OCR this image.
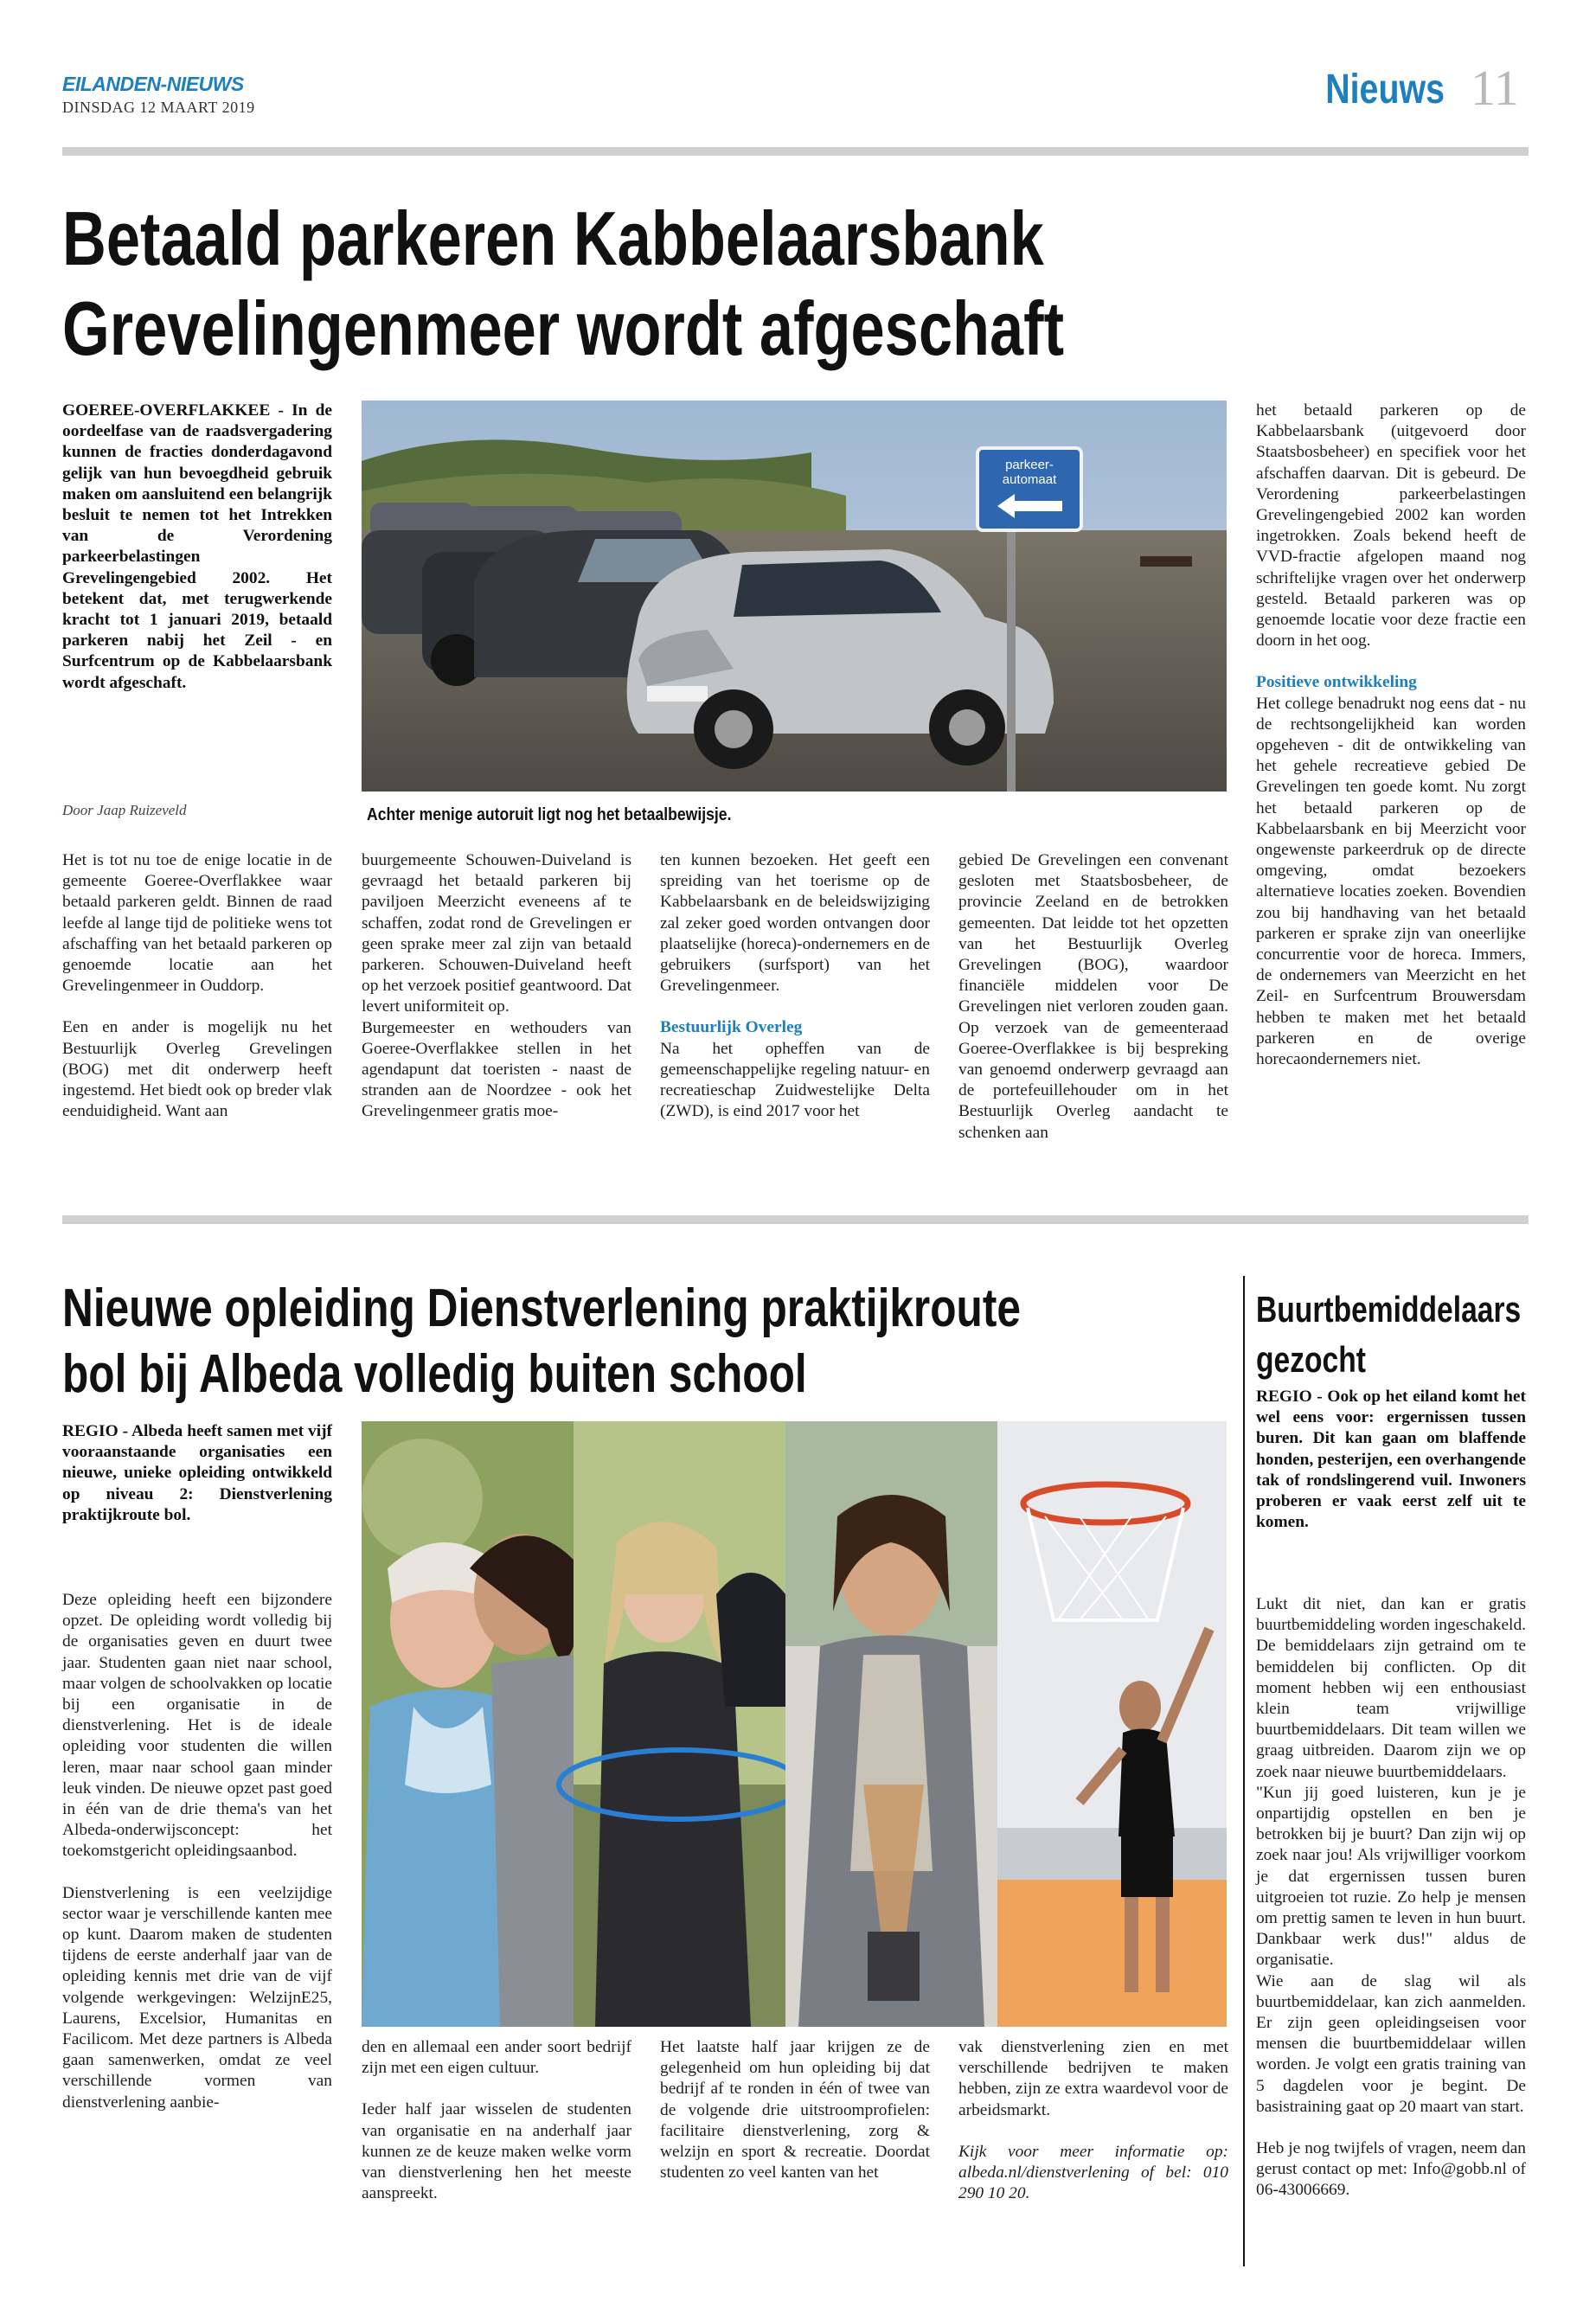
EILANDEN-NIEUWS
DINSDAG 12 MAART 2019	Nieuws 11
Betaald parkeren Kabbelaarsbank
Grevelingenmeer wordt afgeschaft
GOEREE-OVERFLAKKEE - In de oordeelfase van de raadsvergadering kunnen de fracties donderdagavond gelijk van hun bevoegdheid gebruik maken om aansluitend een belangrijk besluit te nemen tot het Intrekken van de Verordening parkeerbelastingen Grevelingengebied 2002. Het betekent dat, met terugwerkende kracht tot 1 januari 2019, betaald parkeren nabij het Zeil - en Surfcentrum op de Kabbelaarsbank wordt afgeschaft.
Door Jaap Ruizeveld
parkeer-
automaat
Achter menige autoruit ligt nog het betaalbewijsje.

Het is tot nu toe de enige locatie in de gemeente Goeree-Overflakkee waar betaald parkeren geldt. Binnen de raad leefde al lange tijd de politieke wens tot afschaffing van het betaald parkeren op genoemde locatie aan het Grevelingenmeer in Ouddorp.

Een en ander is mogelijk nu het Bestuurlijk Overleg Grevelingen (BOG) met dit onderwerp heeft ingestemd. Het biedt ook op breder vlak eenduidigheid. Want aan

buurgemeente Schouwen-Duiveland is gevraagd het betaald parkeren bij paviljoen Meerzicht eveneens af te schaffen, zodat rond de Grevelingen er geen sprake meer zal zijn van betaald parkeren. Schouwen-Duiveland heeft op het verzoek positief geantwoord. Dat levert uniformiteit op.

Burgemeester en wethouders van Goeree-Overflakkee stellen in het agendapunt dat toeristen - naast de stranden aan de Noordzee - ook het Grevelingenmeer gratis moe-

ten kunnen bezoeken. Het geeft een spreiding van het toerisme op de Kabbelaarsbank en de beleidswijziging zal zeker goed worden ontvangen door plaatselijke (horeca)-ondernemers en de gebruikers (surfsport) van het Grevelingenmeer.

Bestuurlijk Overleg
Na het opheffen van de gemeenschappelijke regeling natuur- en recreatieschap Zuidwestelijke Delta (ZWD), is eind 2017 voor het
gebied De Grevelingen een convenant gesloten met Staatsbosbeheer, de provincie Zeeland en de betrokken gemeenten. Dat leidde tot het opzetten van het Bestuurlijk Overleg Grevelingen (BOG), waardoor financiële middelen voor De Grevelingen niet verloren zouden gaan. Op verzoek van de gemeenteraad Goeree-Overflakkee is bij bespreking van genoemd onderwerp gevraagd aan de portefeuillehouder om in het Bestuurlijk Overleg aandacht te schenken aan

het betaald parkeren op de Kabbelaarsbank (uitgevoerd door Staatsbosbeheer) en specifiek voor het afschaffen daarvan. Dit is gebeurd. De Verordening parkeerbelastingen Grevelingengebied 2002 kan worden ingetrokken. Zoals bekend heeft de VVD-fractie afgelopen maand nog schriftelijke vragen over het onderwerp gesteld. Betaald parkeren was op genoemde locatie voor deze fractie een doorn in het oog.

Positieve ontwikkeling
Het college benadrukt nog eens dat - nu de rechtsongelijkheid kan worden opgeheven - dit de ontwikkeling van het gehele recreatieve gebied De Grevelingen ten goede komt. Nu zorgt het betaald parkeren op de Kabbelaarsbank en bij Meerzicht voor ongewenste parkeerdruk op de directe omgeving, omdat bezoekers alternatieve locaties zoeken. Bovendien zou bij handhaving van het betaald parkeren er sprake zijn van oneerlijke concurrentie voor de horeca. Immers, de ondernemers van Meerzicht en het Zeil- en Surfcentrum Brouwersdam hebben te maken met het betaald parkeren en de overige horecaondernemers niet.
Nieuwe opleiding Dienstverlening praktijkroute
bol bij Albeda volledig buiten school
REGIO - Albeda heeft samen met vijf vooraanstaande organisaties een nieuwe, unieke opleiding ontwikkeld op niveau 2: Dienstverlening praktijkroute bol.

Deze opleiding heeft een bijzondere opzet. De opleiding wordt volledig bij de organisaties geven en duurt twee jaar. Studenten gaan niet naar school, maar volgen de schoolvakken op locatie bij een organisatie in de dienstverlening. Het is de ideale opleiding voor studenten die willen leren, maar naar school gaan minder leuk vinden. De nieuwe opzet past goed in één van de drie thema's van het Albeda-onderwijsconcept: het toekomstgericht opleidingsaanbod.

Dienstverlening is een veelzijdige sector waar je verschillende kanten mee op kunt. Daarom maken de studenten tijdens de eerste anderhalf jaar van de opleiding kennis met drie van de vijf volgende werkgevingen: WelzijnE25, Laurens, Excelsior, Humanitas en Facilicom. Met deze partners is Albeda gaan samenwerken, omdat ze veel verschillende vormen van dienstverlening aanbie-

den en allemaal een ander soort bedrijf zijn met een eigen cultuur.

Ieder half jaar wisselen de studenten van organisatie en na anderhalf jaar kunnen ze de keuze maken welke vorm van dienstverlening hen het meeste aanspreekt.

Het laatste half jaar krijgen ze de gelegenheid om hun opleiding bij dat bedrijf af te ronden in één of twee van de volgende drie uitstroomprofielen: facilitaire dienstverlening, zorg & welzijn en sport & recreatie. Doordat studenten zo veel kanten van het

vak dienstverlening zien en met verschillende bedrijven te maken hebben, zijn ze extra waardevol voor de arbeidsmarkt.

Kijk voor meer informatie op: albeda.nl/dienstverlening of bel: 010 290 10 20.

Buurtbemiddelaars
gezocht
REGIO - Ook op het eiland komt het wel eens voor: ergernissen tussen buren. Dit kan gaan om blaffende honden, pesterijen, een overhangende tak of rondslingerend vuil. Inwoners proberen er vaak eerst zelf uit te komen.
Lukt dit niet, dan kan er gratis buurtbemiddeling worden ingeschakeld. De bemiddelaars zijn getraind om te bemiddelen bij conflicten. Op dit moment hebben wij een enthousiast klein team vrijwillige buurtbemiddelaars. Dit team willen we graag uitbreiden. Daarom zijn we op zoek naar nieuwe buurtbemiddelaars.
"Kun jij goed luisteren, kun je je onpartijdig opstellen en ben je betrokken bij je buurt? Dan zijn wij op zoek naar jou! Als vrijwilliger voorkom je dat ergernissen tussen buren uitgroeien tot ruzie. Zo help je mensen om prettig samen te leven in hun buurt. Dankbaar werk dus!" aldus de organisatie.

Wie aan de slag wil als buurtbemiddelaar, kan zich aanmelden. Er zijn geen opleidingseisen voor mensen die buurtbemiddelaar willen worden. Je volgt een gratis training van 5 dagdelen voor je begint. De basistraining gaat op 20 maart van start.

Heb je nog twijfels of vragen, neem dan gerust contact op met: Info@gobb.nl of 06-43006669.
